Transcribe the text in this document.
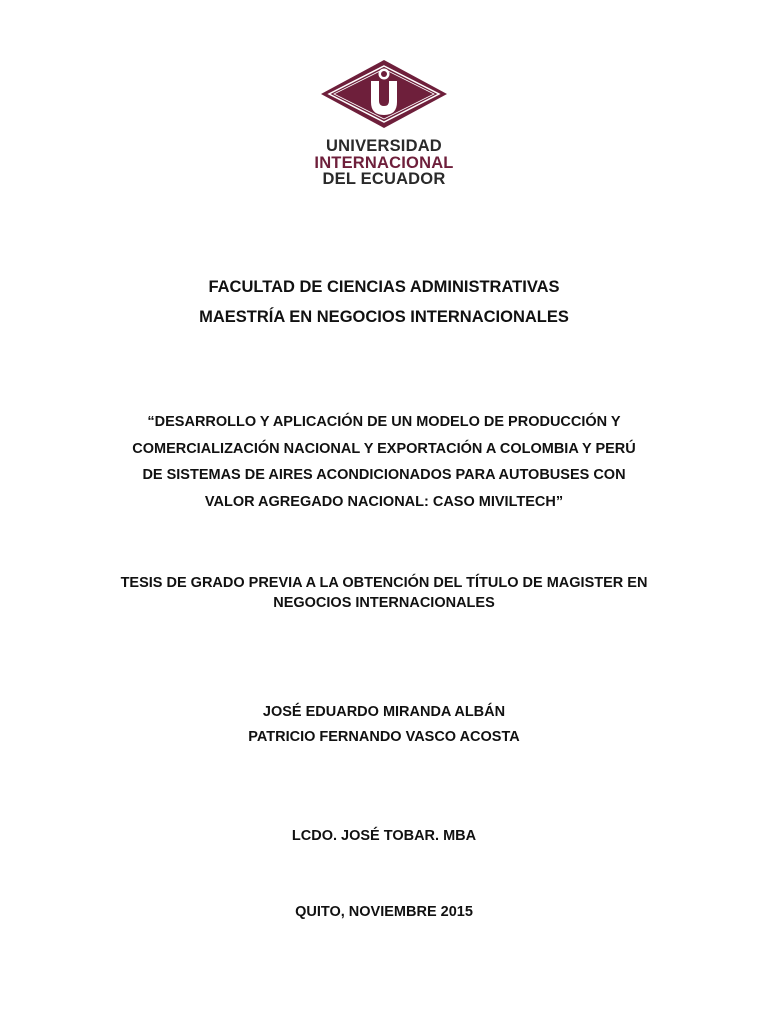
UNIVERSIDAD
INTERNACIONAL
DEL ECUADOR
FACULTAD DE CIENCIAS ADMINISTRATIVAS
MAESTRÍA EN NEGOCIOS INTERNACIONALES
“DESARROLLO Y APLICACIÓN DE UN MODELO DE PRODUCCIÓN Y
COMERCIALIZACIÓN NACIONAL Y EXPORTACIÓN A COLOMBIA Y PERÚ
DE SISTEMAS DE AIRES ACONDICIONADOS PARA AUTOBUSES CON
VALOR AGREGADO NACIONAL: CASO MIVILTECH”
TESIS DE GRADO PREVIA A LA OBTENCIÓN DEL TÍTULO DE MAGISTER EN
NEGOCIOS INTERNACIONALES
JOSÉ EDUARDO MIRANDA ALBÁN
PATRICIO FERNANDO VASCO ACOSTA
LCDO. JOSÉ TOBAR. MBA
QUITO, NOVIEMBRE 2015
